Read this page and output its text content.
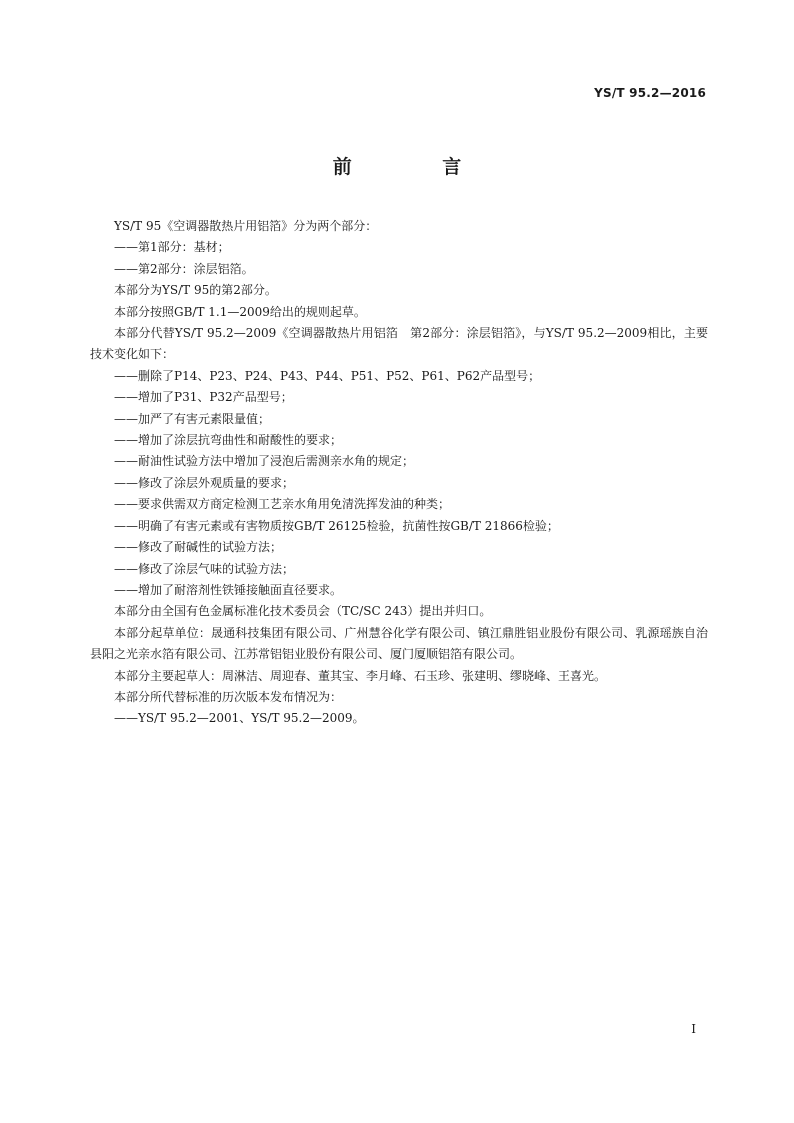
YS/T 95.2—2016
前 言

YS/T 95《空调器散热片用铝箔》分为两个部分：

——第1部分：基材；

——第2部分：涂层铝箔。

本部分为YS/T 95的第2部分。

本部分按照GB/T 1.1—2009给出的规则起草。

本部分代替YS/T 95.2—2009《空调器散热片用铝箔　第2部分：涂层铝箔》，与YS/T 95.2—2009相比，主要技术变化如下：

——删除了P14、P23、P24、P43、P44、P51、P52、P61、P62产品型号；

——增加了P31、P32产品型号；

——加严了有害元素限量值；

——增加了涂层抗弯曲性和耐酸性的要求；

——耐油性试验方法中增加了浸泡后需测亲水角的规定；

——修改了涂层外观质量的要求；

——要求供需双方商定检测工艺亲水角用免清洗挥发油的种类；

——明确了有害元素或有害物质按GB/T 26125检验，抗菌性按GB/T 21866检验；

——修改了耐碱性的试验方法；

——修改了涂层气味的试验方法；

——增加了耐溶剂性铁锤接触面直径要求。

本部分由全国有色金属标准化技术委员会（TC/SC 243）提出并归口。

本部分起草单位：晟通科技集团有限公司、广州慧谷化学有限公司、镇江鼎胜铝业股份有限公司、乳源瑶族自治县阳之光亲水箔有限公司、江苏常铝铝业股份有限公司、厦门厦顺铝箔有限公司。

本部分主要起草人：周淋洁、周迎春、董其宝、李月峰、石玉珍、张建明、缪晓峰、王喜光。

本部分所代替标准的历次版本发布情况为：

——YS/T 95.2—2001、YS/T 95.2—2009。

I
